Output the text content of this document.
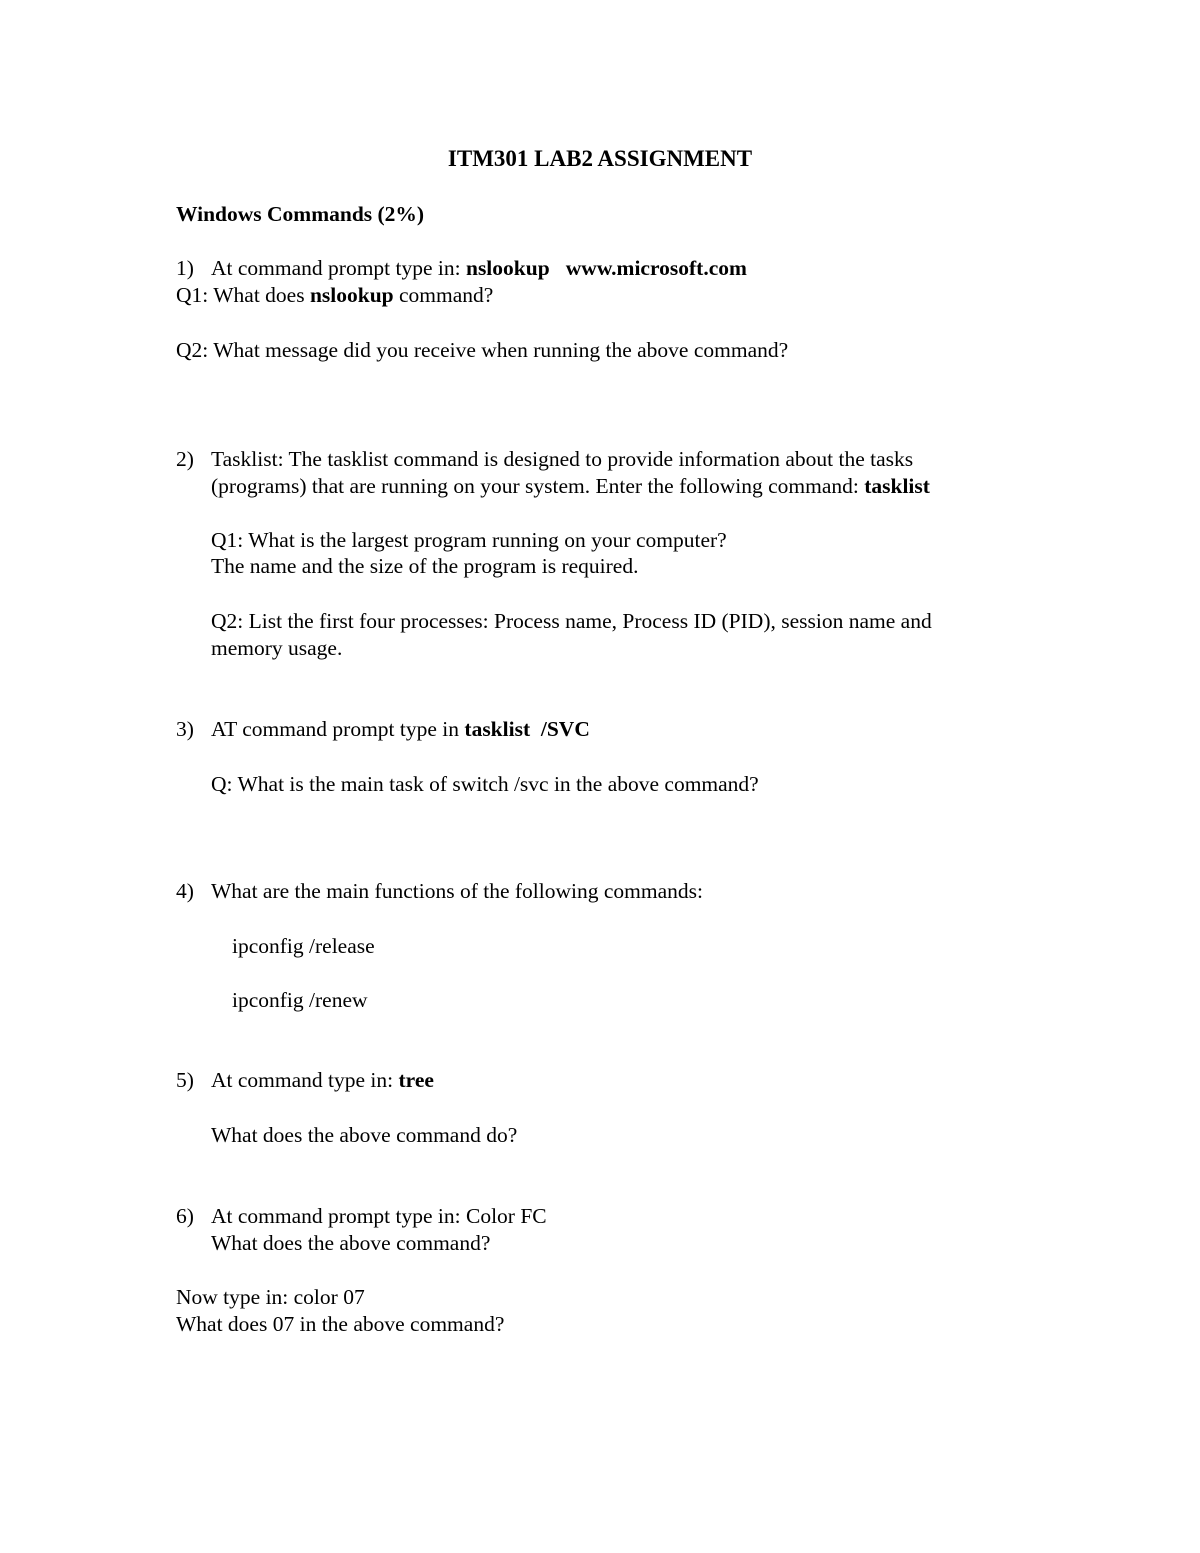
ITM301 LAB2 ASSIGNMENT
Windows Commands (2%)
1) At command prompt type in: nslookup   www.microsoft.com
Q1: What does nslookup command?
Q2: What message did you receive when running the above command?
2) Tasklist: The tasklist command is designed to provide information about the tasks
(programs) that are running on your system. Enter the following command: tasklist
Q1: What is the largest program running on your computer?
The name and the size of the program is required.
Q2: List the first four processes: Process name, Process ID (PID), session name and
memory usage.
3) AT command prompt type in tasklist  /SVC
Q: What is the main task of switch /svc in the above command?
4) What are the main functions of the following commands:
ipconfig /release
ipconfig /renew
5) At command type in: tree
What does the above command do?
6) At command prompt type in: Color FC
What does the above command?
Now type in: color 07
What does 07 in the above command?
